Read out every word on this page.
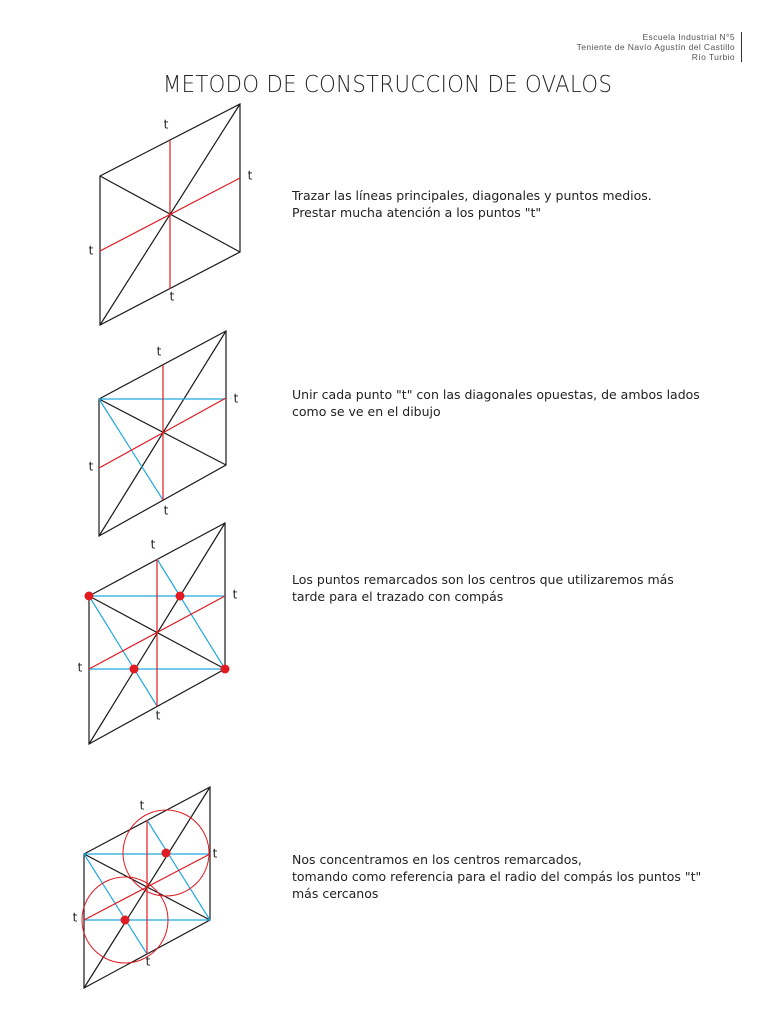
Escuela Industrial N°5
Teniente de Navío Agustín del Castillo
Río Turbio
METODO DE CONSTRUCCION DE OVALOS
t
t
t
t
t
t
t
t
t
t
t
t
t
t
t
t

Trazar las líneas principales, diagonales y puntos medios.

Prestar mucha atención a los puntos "t"

Unir cada punto "t" con las diagonales opuestas, de ambos lados

como se ve en el dibujo

Los puntos remarcados son los centros que utilizaremos más

tarde para el trazado con compás

Nos concentramos en los centros remarcados,

tomando como referencia para el radio del compás los puntos "t"

más cercanos
